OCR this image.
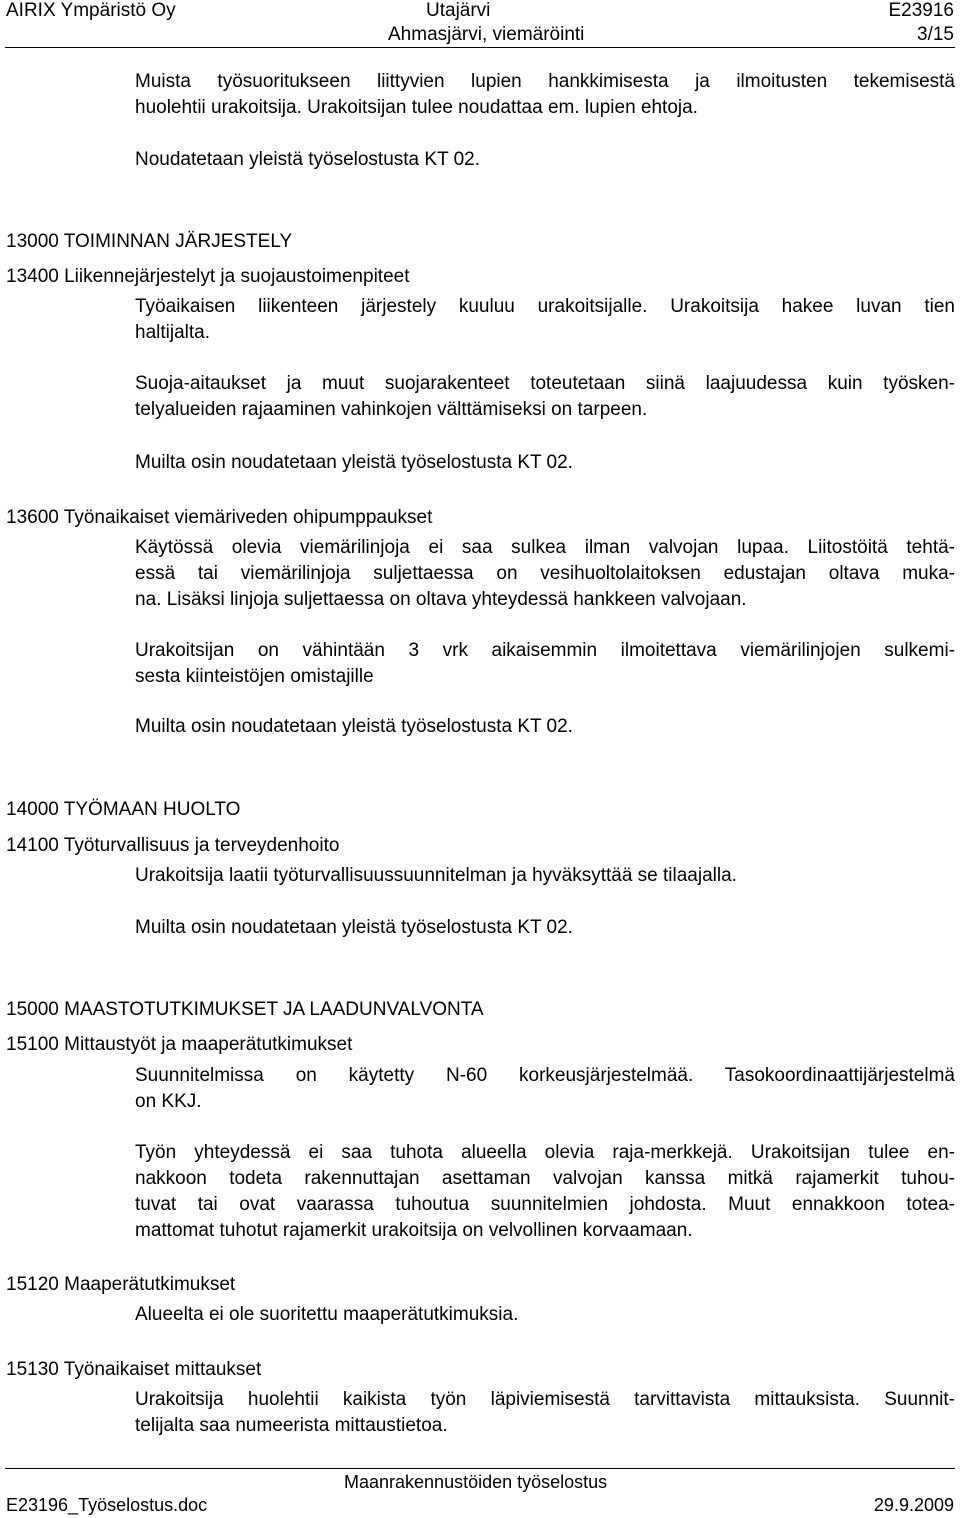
AIRIX Ympäristö Oy	Utajärvi
Ahmasjärvi, viemäröinti
E23916
3/15
Muista työsuoritukseen liittyvien lupien hankkimisesta ja ilmoitusten tekemisestä
huolehtii urakoitsija. Urakoitsijan tulee noudattaa em. lupien ehtoja.
Noudatetaan yleistä työselostusta KT 02.
13000 TOIMINNAN JÄRJESTELY
13400 Liikennejärjestelyt ja suojaustoimenpiteet
Työaikaisen liikenteen järjestely kuuluu urakoitsijalle. Urakoitsija hakee luvan tien
haltijalta.
Suoja-aitaukset ja muut suojarakenteet toteutetaan siinä laajuudessa kuin työsken-
telyalueiden rajaaminen vahinkojen välttämiseksi on tarpeen.
Muilta osin noudatetaan yleistä työselostusta KT 02.
13600 Työnaikaiset viemäriveden ohipumppaukset
Käytössä olevia viemärilinjoja ei saa sulkea ilman valvojan lupaa. Liitostöitä tehtä-
essä tai viemärilinjoja suljettaessa on vesihuoltolaitoksen edustajan oltava muka-
na. Lisäksi linjoja suljettaessa on oltava yhteydessä hankkeen valvojaan.
Urakoitsijan on vähintään 3 vrk aikaisemmin ilmoitettava viemärilinjojen sulkemi-
sesta kiinteistöjen omistajille
Muilta osin noudatetaan yleistä työselostusta KT 02.
14000 TYÖMAAN HUOLTO
14100 Työturvallisuus ja terveydenhoito
Urakoitsija laatii työturvallisuussuunnitelman ja hyväksyttää se tilaajalla.
Muilta osin noudatetaan yleistä työselostusta KT 02.
15000 MAASTOTUTKIMUKSET JA LAADUNVALVONTA
15100 Mittaustyöt ja maaperätutkimukset
Suunnitelmissa on käytetty N-60 korkeusjärjestelmää. Tasokoordinaattijärjestelmä
on KKJ.
Työn yhteydessä ei saa tuhota alueella olevia raja-merkkejä. Urakoitsijan tulee en-
nakkoon todeta rakennuttajan asettaman valvojan kanssa mitkä rajamerkit tuhou-
tuvat tai ovat vaarassa tuhoutua suunnitelmien johdosta. Muut ennakkoon totea-
mattomat tuhotut rajamerkit urakoitsija on velvollinen korvaamaan.
15120 Maaperätutkimukset
Alueelta ei ole suoritettu maaperätutkimuksia.
15130 Työnaikaiset mittaukset
Urakoitsija huolehtii kaikista työn läpiviemisestä tarvittavista mittauksista. Suunnit-
telijalta saa numeerista mittaustietoa.
Maanrakennustöiden työselostus
E23196_Työselostus.doc	29.9.2009
